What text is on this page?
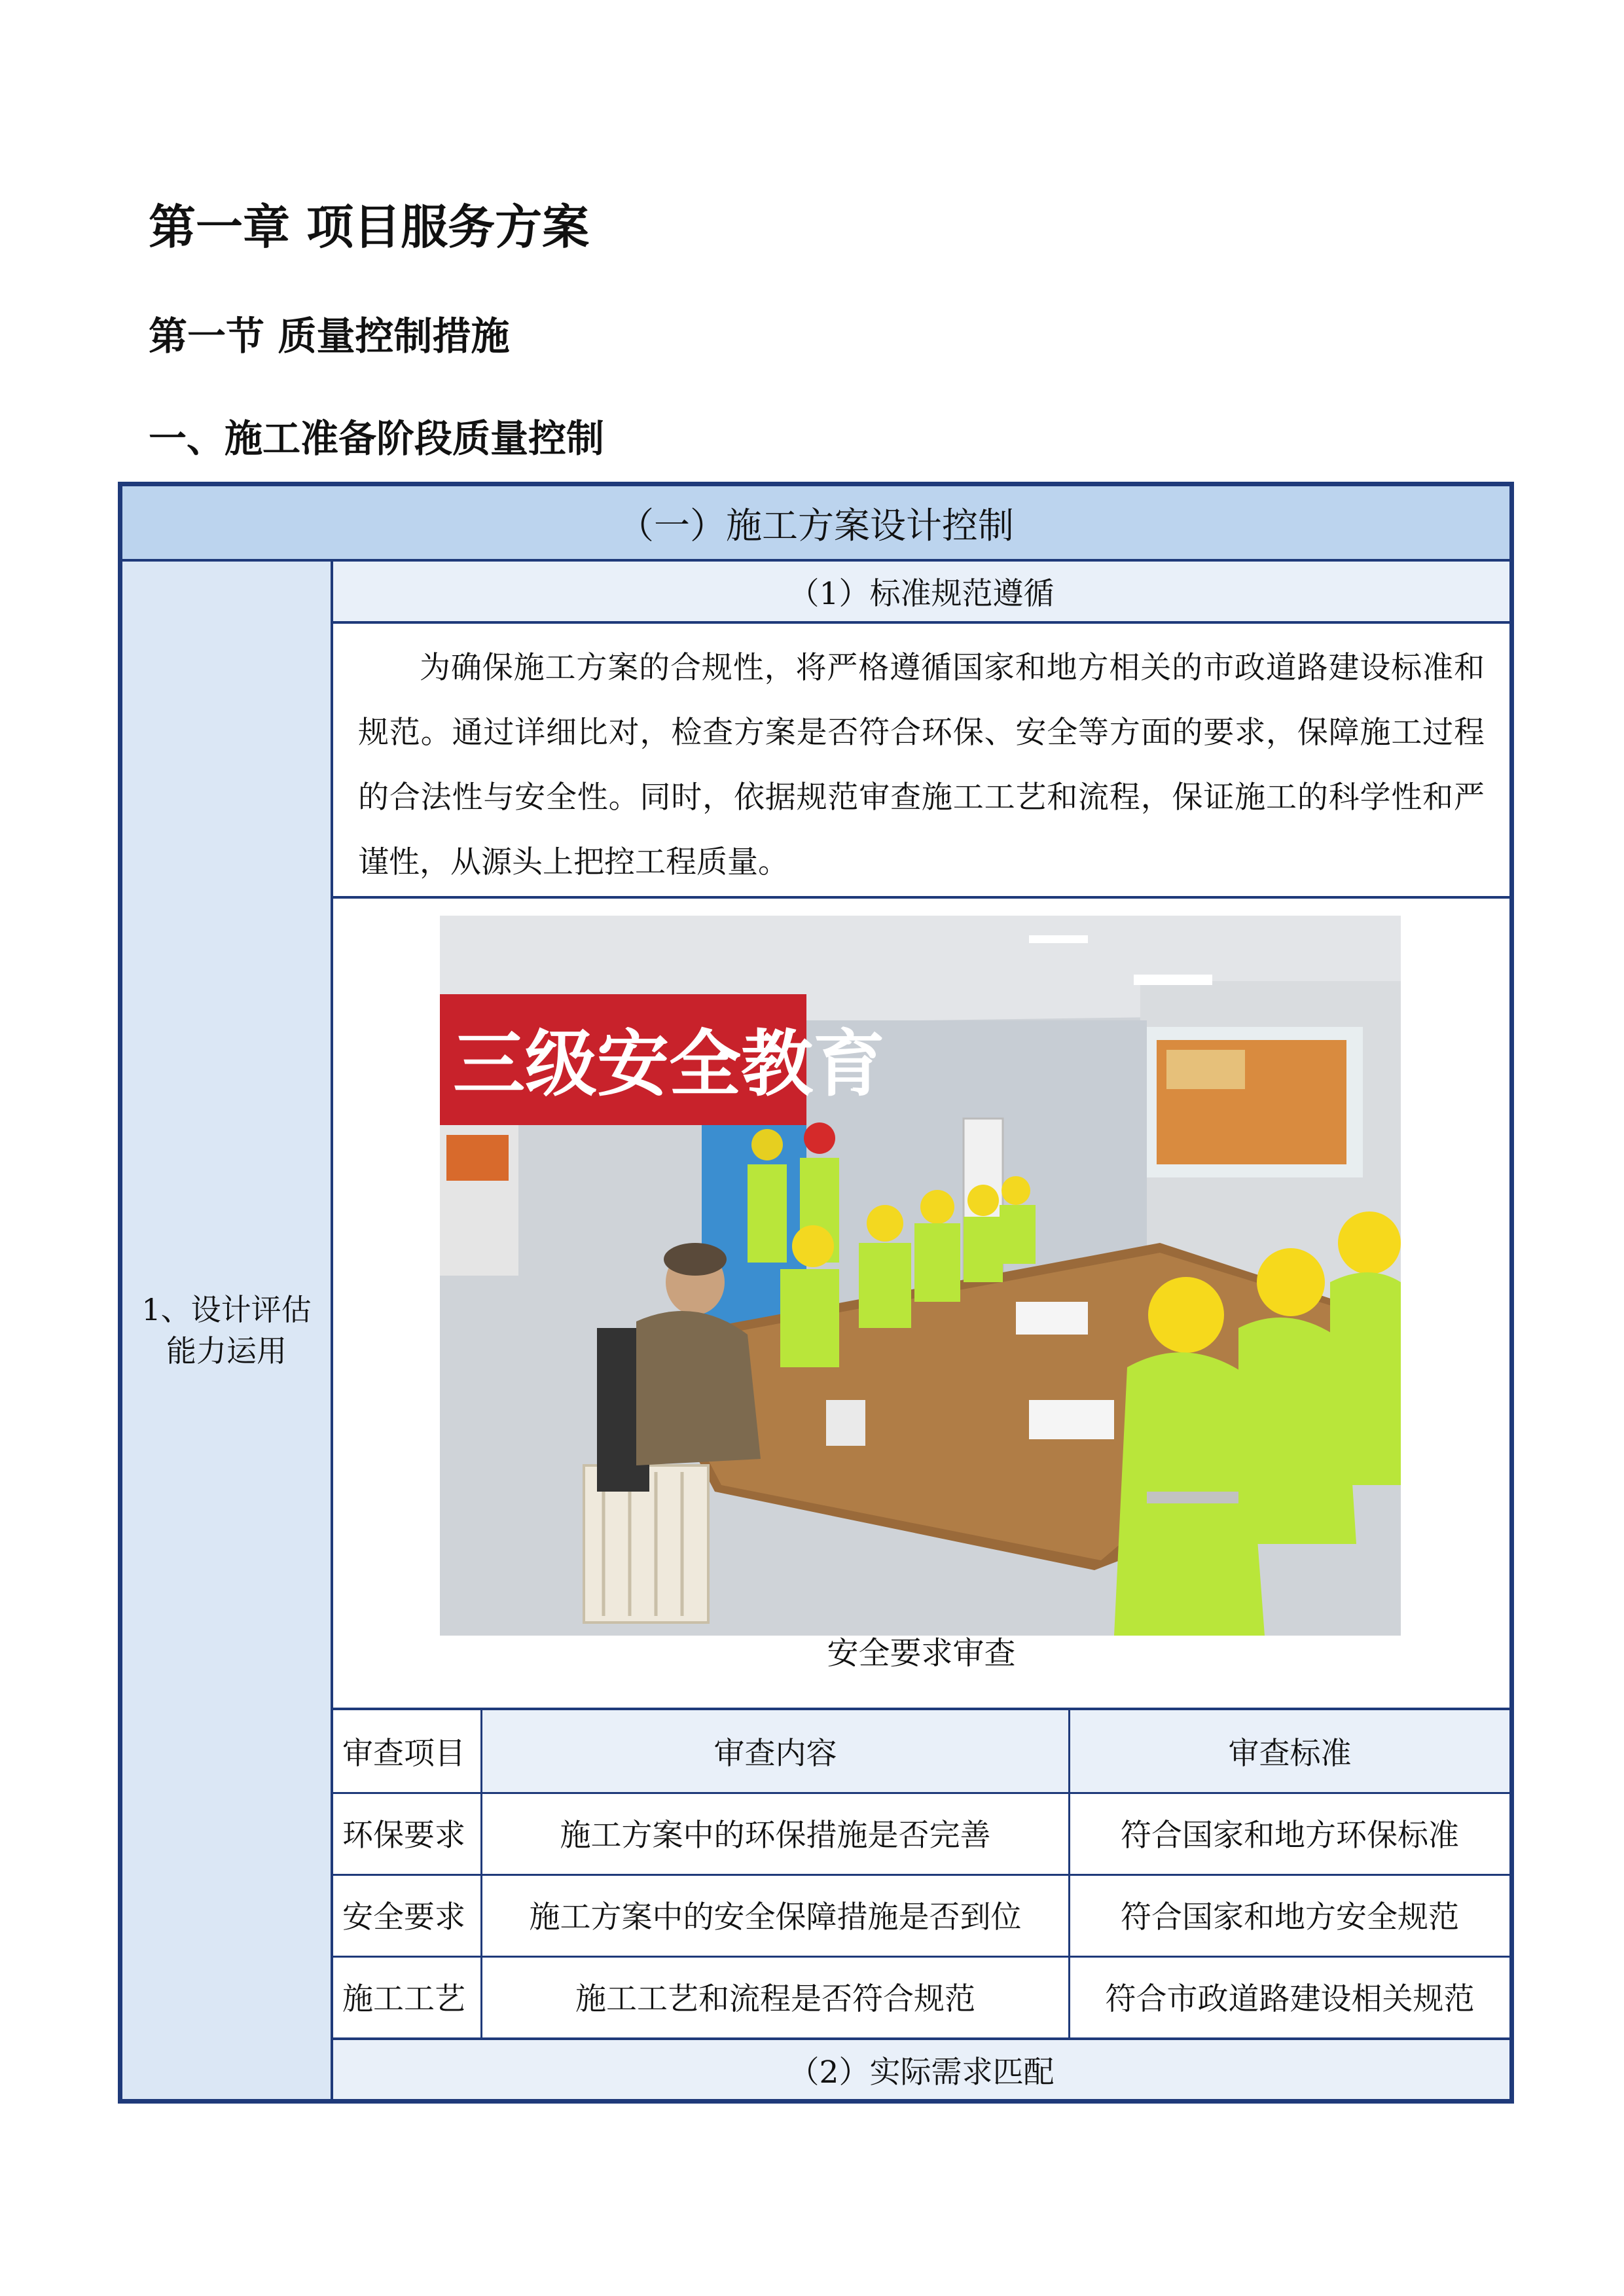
第一章 项目服务方案
第一节 质量控制措施
一、施工准备阶段质量控制
（一）施工方案设计控制
1、设计评估能力运用
（1）标准规范遵循
为确保施工方案的合规性，将严格遵循国家和地方相关的市政道路建设标准和规范。通过详细比对，检查方案是否符合环保、安全等方面的要求，保障施工过程的合法性与安全性。同时，依据规范审查施工工艺和流程，保证施工的科学性和严谨性，从源头上把控工程质量。
三级安全教育
安全要求审查
审查项目	审查内容	审查标准
环保要求	施工方案中的环保措施是否完善	符合国家和地方环保标准
安全要求	施工方案中的安全保障措施是否到位	符合国家和地方安全规范
施工工艺	施工工艺和流程是否符合规范	符合市政道路建设相关规范
（2）实际需求匹配
